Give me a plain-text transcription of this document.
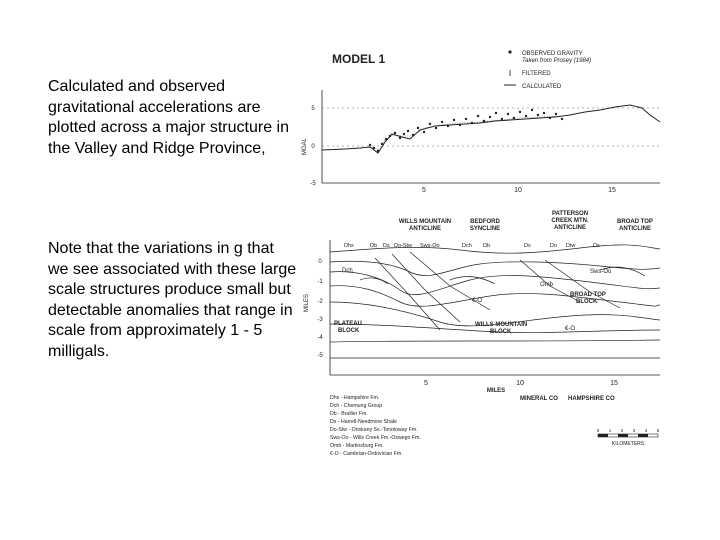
Calculated and observed gravitational accelerations are plotted across a major structure in the Valley and Ridge Province,
Note that the variations in g that we see associated with these large scale structures produce small but detectable anomalies that range in scale from approximately 1 - 5 milligals.
MODEL 1	OBSERVED GRAVITY
Taken from Prosey (1984)
FILTERED
CALCULATED
5
0
-5
MGAL
5	10	15
WILLS MOUNTAIN
ANTICLINE
BEDFORD
SYNCLINE
PATTERSON
CREEK MTN.
ANTICLINE
BROAD TOP
ANTICLINE
Dhs	Db Ds Do-Stw Sws-Oo	Dch Db	Ds	Do Dtw	Ds
MILES
0
-1
-2
-3
-4
-5
Dch	Sws-Oo
Omb
€-O
BROAD TOP
BLOCK
PLATEAU
BLOCK
WILLS MOUNTAIN
BLOCK	€-O
5	10	15
MILES
MINERAL CO HAMPSHIRE CO
Dhs - Hampshire Fm.
Dch - Chemung Group
Db - Brallier Fm.
Ds - Harrell-Needmore Shale
Do-Stw - Oriskany Ss.-Tonoloway Fm.
Sws-Oo - Wills Creek Fm.-Oswego Fm.
Omb - Martinsburg Fm.
€-O - Cambrian-Ordovician Fm.
0 1 2 3 4 5
KILOMETERS
